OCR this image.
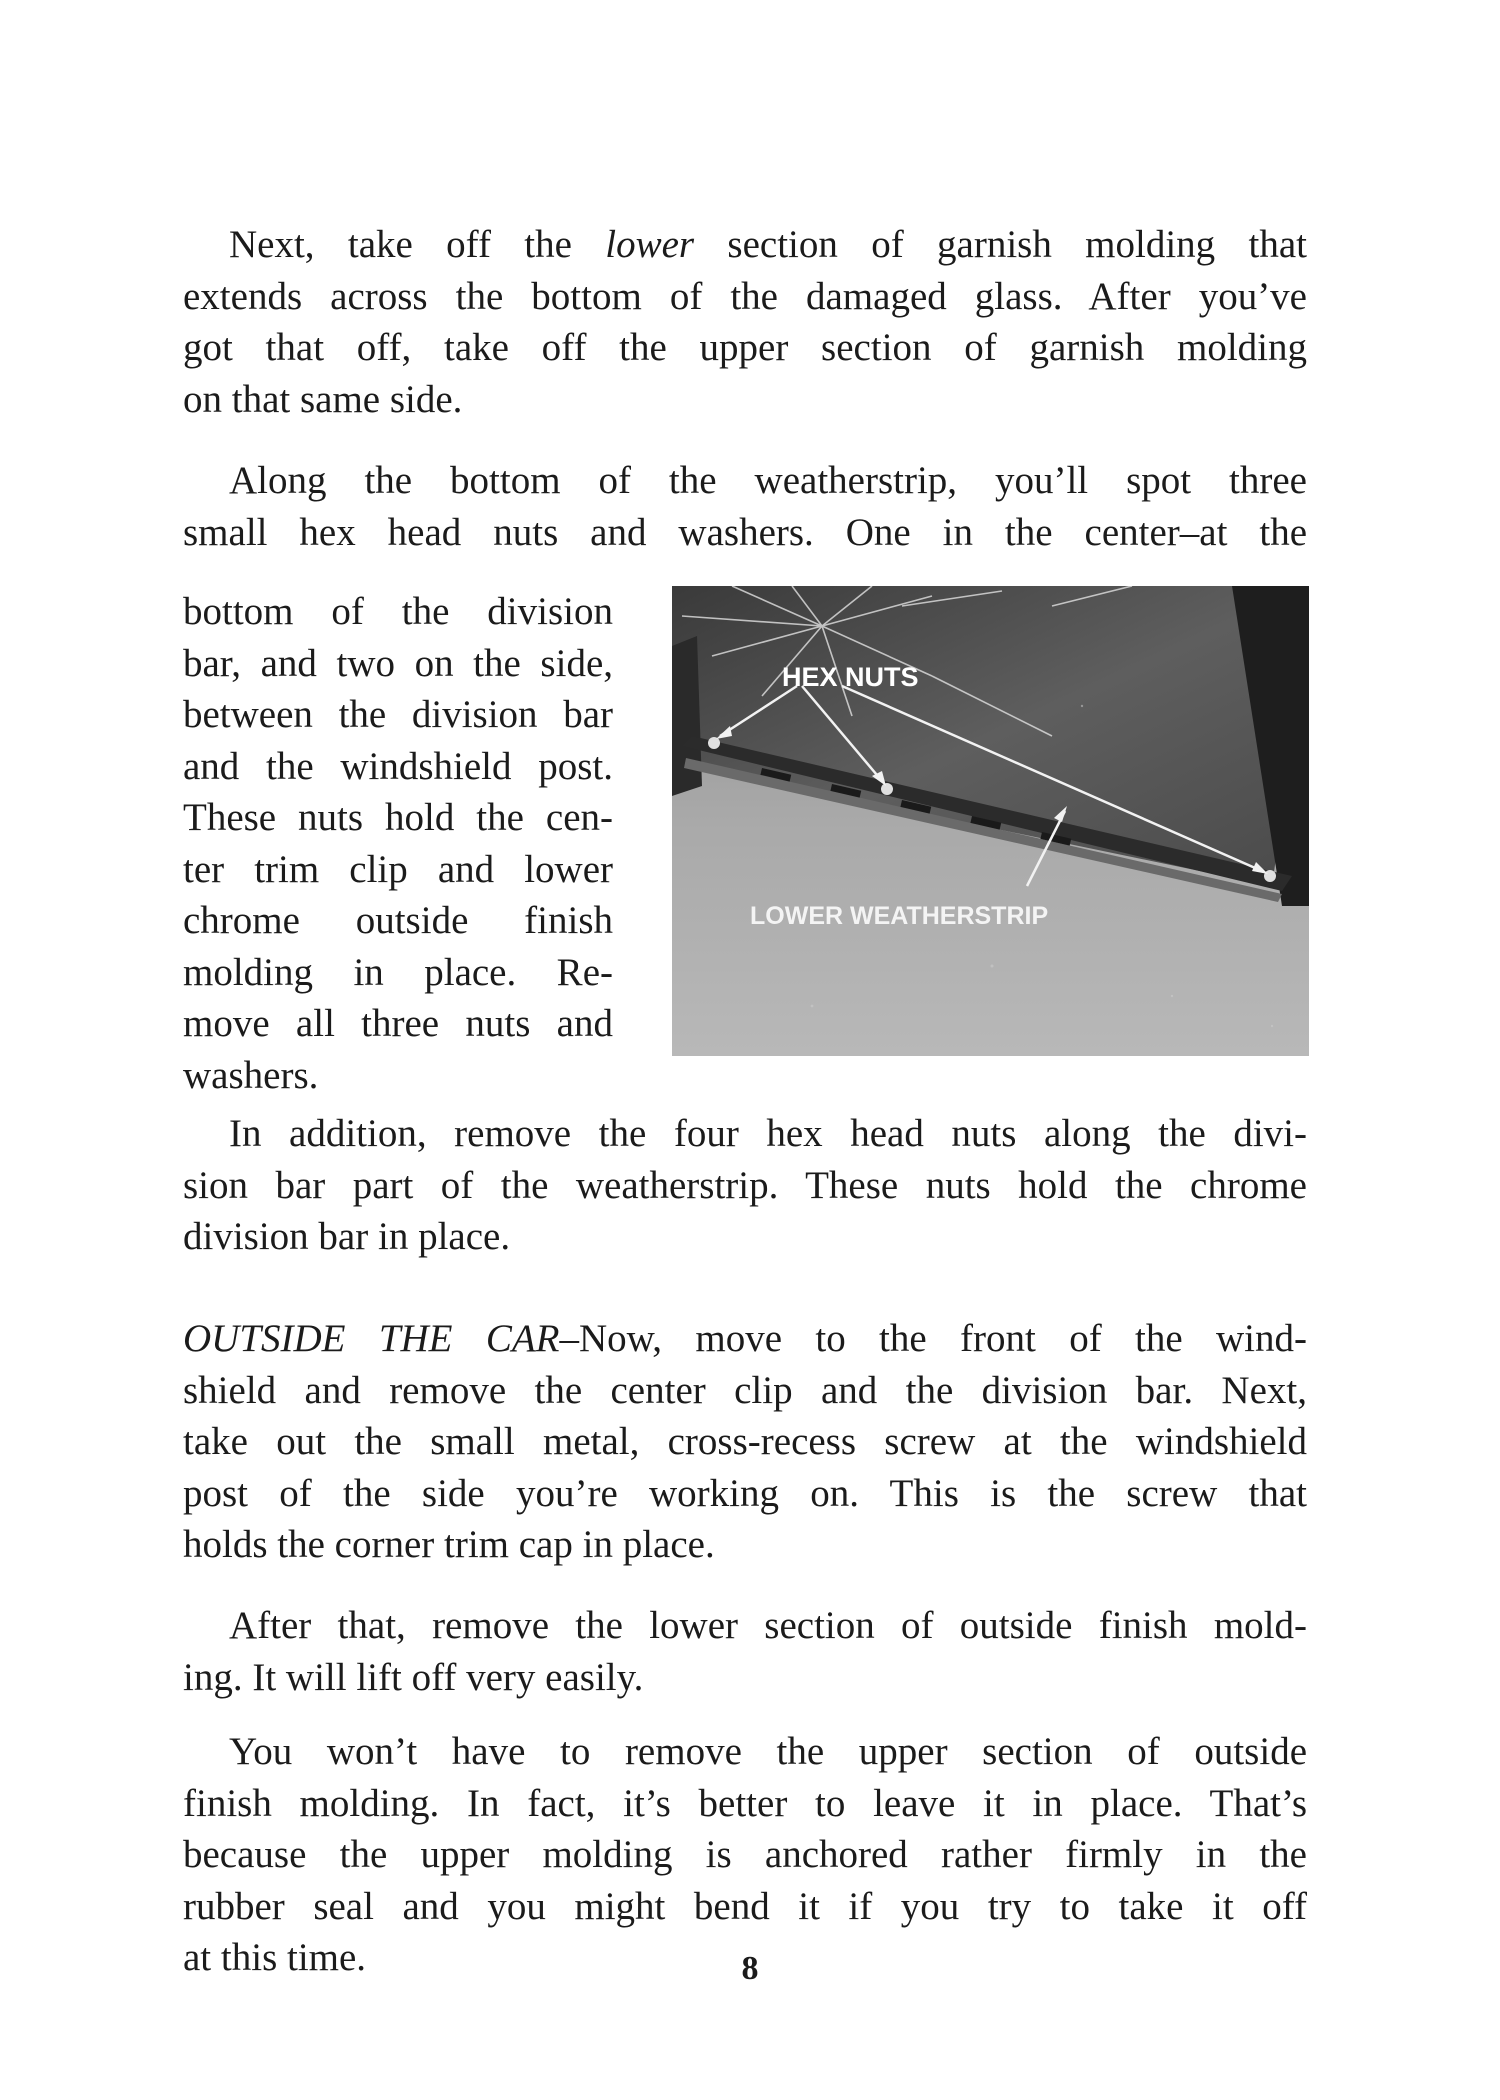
Next, take off the lower section of garnish molding that
extends across the bottom of the damaged glass. After you’ve
got that off, take off the upper section of garnish molding
on that same side.
Along the bottom of the weatherstrip, you’ll spot three
small hex head nuts and washers. One in the center–at the
bottom of the division
bar, and two on the side,
between the division bar
and the windshield post.
These nuts hold the cen-
ter trim clip and lower
chrome outside finish
molding in place. Re-
move all three nuts and
washers.
HEX NUTS
LOWER WEATHERSTRIP
In addition, remove the four hex head nuts along the divi-
sion bar part of the weatherstrip. These nuts hold the chrome
division bar in place.
OUTSIDE THE CAR–Now, move to the front of the wind-
shield and remove the center clip and the division bar. Next,
take out the small metal, cross-recess screw at the windshield
post of the side you’re working on. This is the screw that
holds the corner trim cap in place.
After that, remove the lower section of outside finish mold-
ing. It will lift off very easily.
You won’t have to remove the upper section of outside
finish molding. In fact, it’s better to leave it in place. That’s
because the upper molding is anchored rather firmly in the
rubber seal and you might bend it if you try to take it off
at this time.	8
